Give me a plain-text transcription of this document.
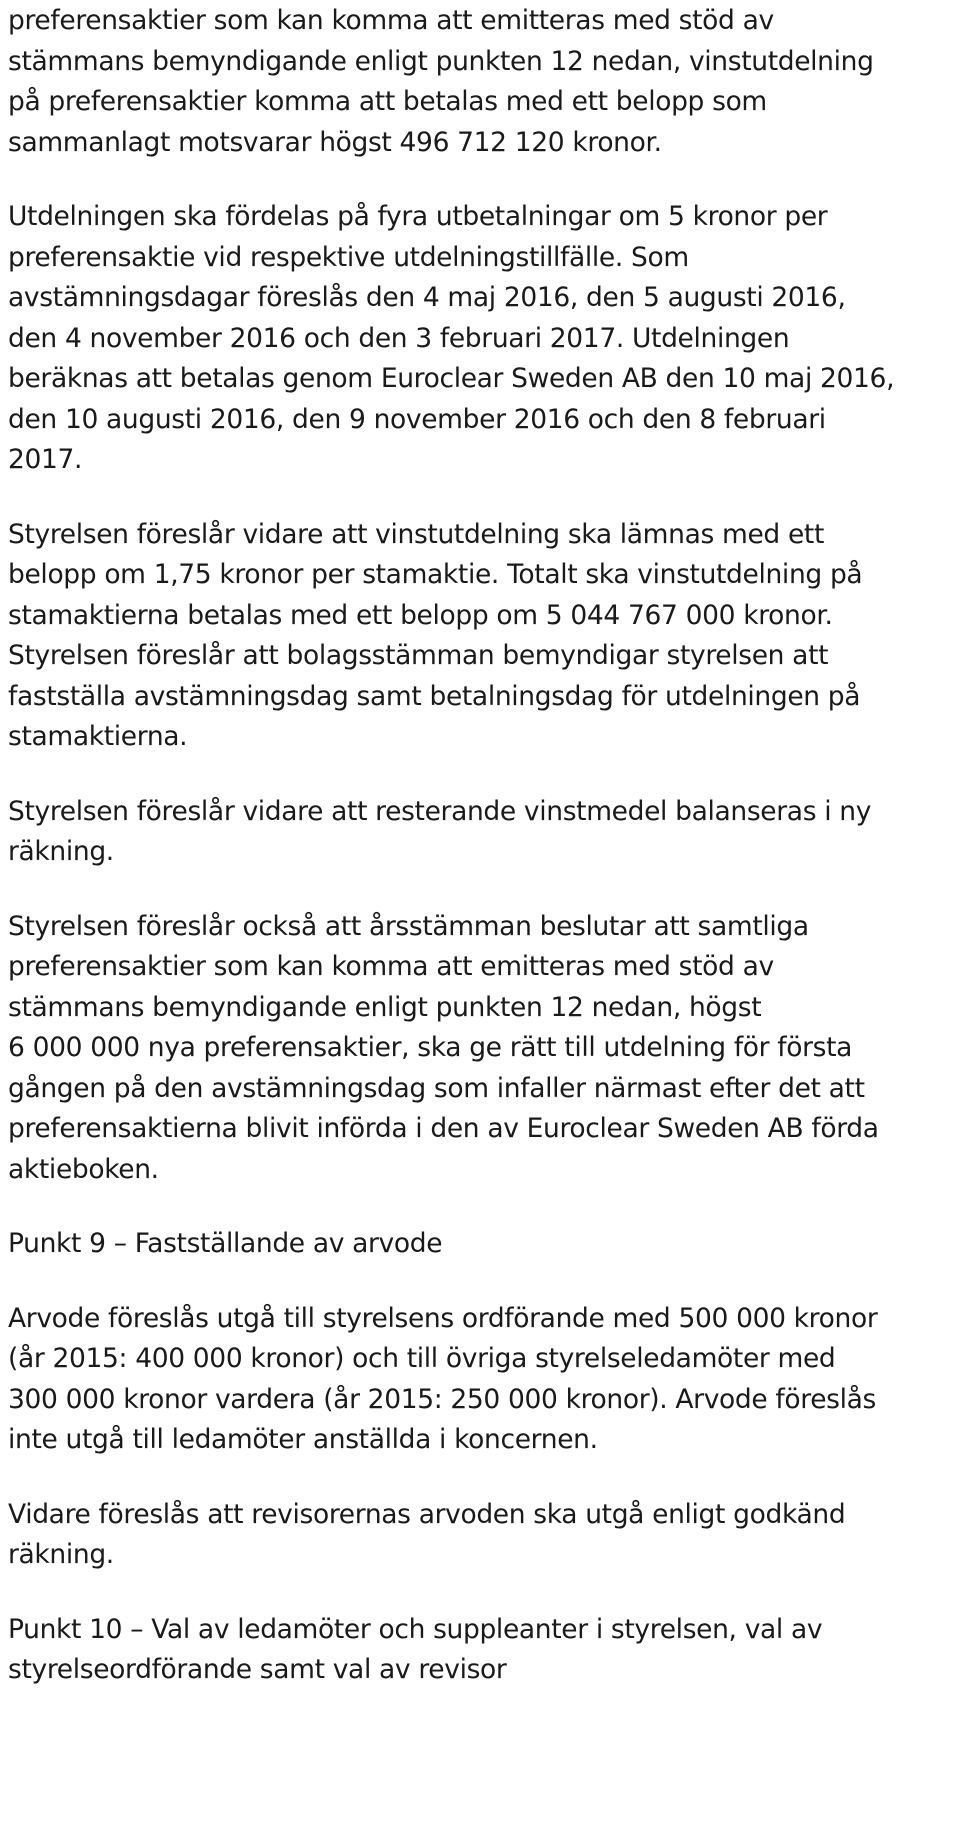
preferensaktier som kan komma att emitteras med stöd av
stämmans bemyndigande enligt punkten 12 nedan, vinstutdelning
på preferensaktier komma att betalas med ett belopp som
sammanlagt motsvarar högst 496 712 120 kronor.

Utdelningen ska fördelas på fyra utbetalningar om 5 kronor per
preferensaktie vid respektive utdelningstillfälle. Som
avstämningsdagar föreslås den 4 maj 2016, den 5 augusti 2016,
den 4 november 2016 och den 3 februari 2017. Utdelningen
beräknas att betalas genom Euroclear Sweden AB den 10 maj 2016,
den 10 augusti 2016, den 9 november 2016 och den 8 februari
2017.

Styrelsen föreslår vidare att vinstutdelning ska lämnas med ett
belopp om 1,75 kronor per stamaktie. Totalt ska vinstutdelning på
stamaktierna betalas med ett belopp om 5 044 767 000 kronor.
Styrelsen föreslår att bolagsstämman bemyndigar styrelsen att
fastställa avstämningsdag samt betalningsdag för utdelningen på
stamaktierna.

Styrelsen föreslår vidare att resterande vinstmedel balanseras i ny
räkning.

Styrelsen föreslår också att årsstämman beslutar att samtliga
preferensaktier som kan komma att emitteras med stöd av
stämmans bemyndigande enligt punkten 12 nedan, högst
6 000 000 nya preferensaktier, ska ge rätt till utdelning för första
gången på den avstämningsdag som infaller närmast efter det att
preferensaktierna blivit införda i den av Euroclear Sweden AB förda
aktieboken.

Punkt 9 – Fastställande av arvode

Arvode föreslås utgå till styrelsens ordförande med 500 000 kronor
(år 2015: 400 000 kronor) och till övriga styrelseledamöter med
300 000 kronor vardera (år 2015: 250 000 kronor). Arvode föreslås
inte utgå till ledamöter anställda i koncernen.

Vidare föreslås att revisorernas arvoden ska utgå enligt godkänd
räkning.

Punkt 10 – Val av ledamöter och suppleanter i styrelsen, val av
styrelseordförande samt val av revisor
